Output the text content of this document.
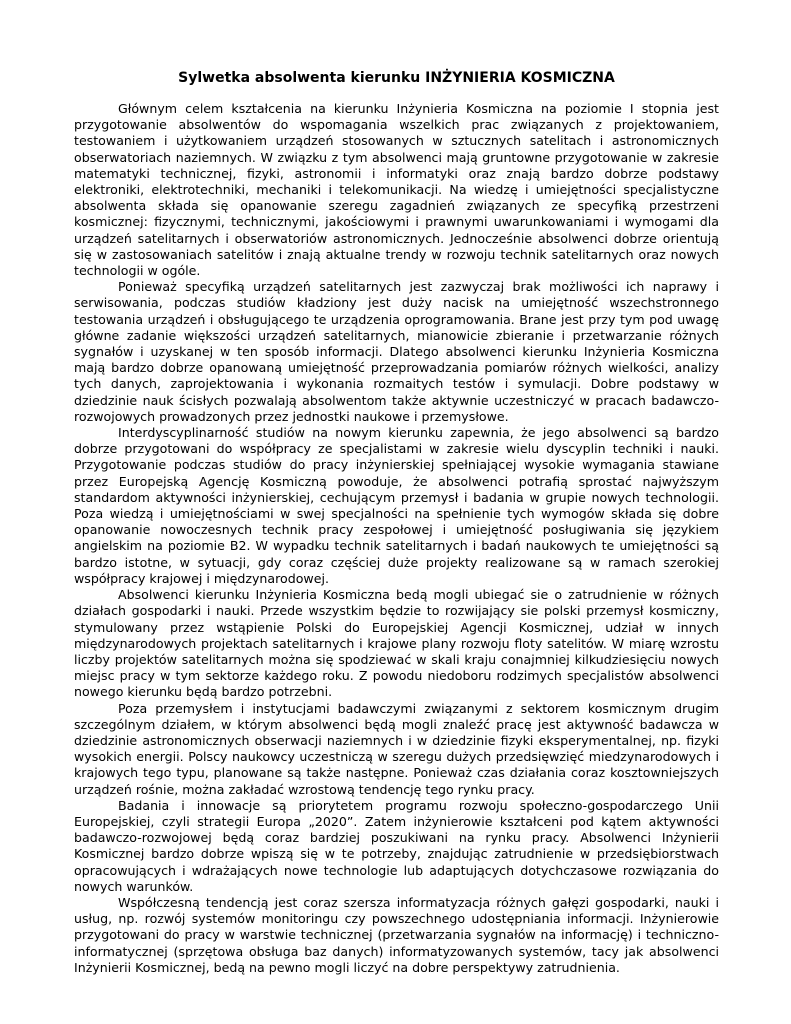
Sylwetka absolwenta kierunku INŻYNIERIA KOSMICZNA

Głównym celem kształcenia na kierunku Inżynieria Kosmiczna na poziomie I stopnia jest przygotowanie absolwentów do wspomagania wszelkich prac związanych z projektowaniem, testowaniem i użytkowaniem urządzeń stosowanych w sztucznych satelitach i astronomicznych obserwatoriach naziemnych. W związku z tym absolwenci mają gruntowne przygotowanie w zakresie matematyki technicznej, fizyki, astronomii i informatyki oraz znają bardzo dobrze podstawy elektroniki, elektrotechniki, mechaniki i telekomunikacji. Na wiedzę i umiejętności specjalistyczne absolwenta składa się opanowanie szeregu zagadnień związanych ze specyfiką przestrzeni kosmicznej: fizycznymi, technicznymi, jakościowymi i prawnymi uwarunkowaniami i wymogami dla urządzeń satelitarnych i obserwatoriów astronomicznych. Jednocześnie absolwenci dobrze orientują się w zastosowaniach satelitów i znają aktualne trendy w rozwoju technik satelitarnych oraz nowych technologii w ogóle.

Ponieważ specyfiką urządzeń satelitarnych jest zazwyczaj brak możliwości ich naprawy i serwisowania, podczas studiów kładziony jest duży nacisk na umiejętność wszechstronnego testowania urządzeń i obsługującego te urządzenia oprogramowania. Brane jest przy tym pod uwagę główne zadanie większości urządzeń satelitarnych, mianowicie zbieranie i przetwarzanie różnych sygnałów i uzyskanej w ten sposób informacji. Dlatego absolwenci kierunku Inżynieria Kosmiczna mają bardzo dobrze opanowaną umiejętność przeprowadzania pomiarów różnych wielkości, analizy tych danych, zaprojektowania i wykonania rozmaitych testów i symulacji. Dobre podstawy w dziedzinie nauk ścisłych pozwalają absolwentom także aktywnie uczestniczyć w pracach badawczo-rozwojowych prowadzonych przez jednostki naukowe i przemysłowe.

Interdyscyplinarność studiów na nowym kierunku zapewnia, że jego absolwenci są bardzo dobrze przygotowani do współpracy ze specjalistami w zakresie wielu dyscyplin techniki i nauki. Przygotowanie podczas studiów do pracy inżynierskiej spełniającej wysokie wymagania stawiane przez Europejską Agencję Kosmiczną powoduje, że absolwenci potrafią sprostać najwyższym standardom aktywności inżynierskiej, cechującym przemysł i badania w grupie nowych technologii. Poza wiedzą i umiejętnościami w swej specjalności na spełnienie tych wymogów składa się dobre opanowanie nowoczesnych technik pracy zespołowej i umiejętność posługiwania się językiem angielskim na poziomie B2. W wypadku technik satelitarnych i badań naukowych te umiejętności są bardzo istotne, w sytuacji, gdy coraz częściej duże projekty realizowane są w ramach szerokiej współpracy krajowej i międzynarodowej.

Absolwenci kierunku Inżynieria Kosmiczna bedą mogli ubiegać sie o zatrudnienie w różnych działach gospodarki i nauki. Przede wszystkim będzie to rozwijający sie polski przemysł kosmiczny, stymulowany przez wstąpienie Polski do Europejskiej Agencji Kosmicznej, udział w innych międzynarodowych projektach satelitarnych i krajowe plany rozwoju floty satelitów. W miarę wzrostu liczby projektów satelitarnych można się spodziewać w skali kraju conajmniej kilkudziesięciu nowych miejsc pracy w tym sektorze każdego roku. Z powodu niedoboru rodzimych specjalistów absolwenci nowego kierunku będą bardzo potrzebni.

Poza przemysłem i instytucjami badawczymi związanymi z sektorem kosmicznym drugim szczególnym działem, w którym absolwenci będą mogli znaleźć pracę jest aktywność badawcza w dziedzinie astronomicznych obserwacji naziemnych i w dziedzinie fizyki eksperymentalnej, np. fizyki wysokich energii. Polscy naukowcy uczestniczą w szeregu dużych przedsięwzięć miedzynarodowych i krajowych tego typu, planowane są także następne. Ponieważ czas działania coraz kosztowniejszych urządzeń rośnie, można zakładać wzrostową tendencję tego rynku pracy.

Badania i innowacje są priorytetem programu rozwoju społeczno-gospodarczego Unii Europejskiej, czyli strategii Europa „2020”. Zatem inżynierowie kształceni pod kątem aktywności badawczo-rozwojowej będą coraz bardziej poszukiwani na rynku pracy. Absolwenci Inżynierii Kosmicznej bardzo dobrze wpiszą się w te potrzeby, znajdując zatrudnienie w przedsiębiorstwach opracowujących i wdrażających nowe technologie lub adaptujących dotychczasowe rozwiązania do nowych warunków.

Współczesną tendencją jest coraz szersza informatyzacja różnych gałęzi gospodarki, nauki i usług, np. rozwój systemów monitoringu czy powszechnego udostępniania informacji. Inżynierowie przygotowani do pracy w warstwie technicznej (przetwarzania sygnałów na informację) i techniczno-informatycznej (sprzętowa obsługa baz danych) informatyzowanych systemów, tacy jak absolwenci Inżynierii Kosmicznej, bedą na pewno mogli liczyć na dobre perspektywy zatrudnienia.
